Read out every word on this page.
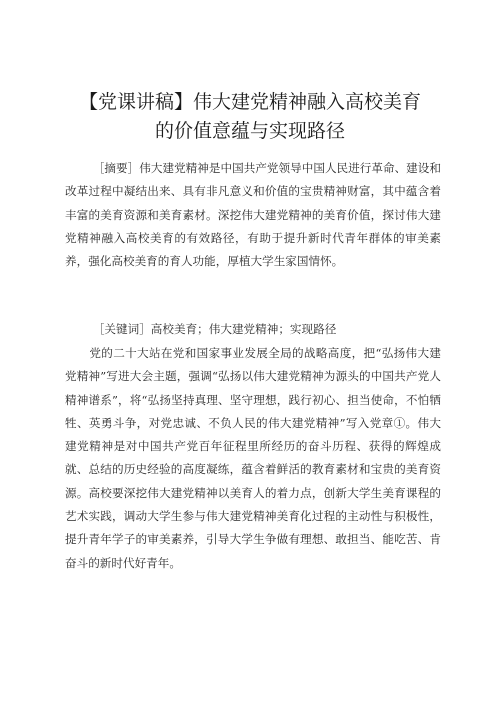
【党课讲稿】伟大建党精神融入高校美育的价值意蕴与实现路径

［摘要］伟大建党精神是中国共产党领导中国人民进行革命、建设和改革过程中凝结出来、具有非凡意义和价值的宝贵精神财富，其中蕴含着丰富的美育资源和美育素材。深挖伟大建党精神的美育价值，探讨伟大建党精神融入高校美育的有效路径，有助于提升新时代青年群体的审美素养，强化高校美育的育人功能，厚植大学生家国情怀。

［关键词］高校美育；伟大建党精神；实现路径

党的二十大站在党和国家事业发展全局的战略高度，把“弘扬伟大建党精神”写进大会主题，强调“弘扬以伟大建党精神为源头的中国共产党人精神谱系”，将“弘扬坚持真理、坚守理想，践行初心、担当使命，不怕牺牲、英勇斗争，对党忠诚、不负人民的伟大建党精神”写入党章①。伟大建党精神是对中国共产党百年征程里所经历的奋斗历程、获得的辉煌成就、总结的历史经验的高度凝练，蕴含着鲜活的教育素材和宝贵的美育资源。高校要深挖伟大建党精神以美育人的着力点，创新大学生美育课程的艺术实践，调动大学生参与伟大建党精神美育化过程的主动性与积极性，提升青年学子的审美素养，引导大学生争做有理想、敢担当、能吃苦、肯奋斗的新时代好青年。
